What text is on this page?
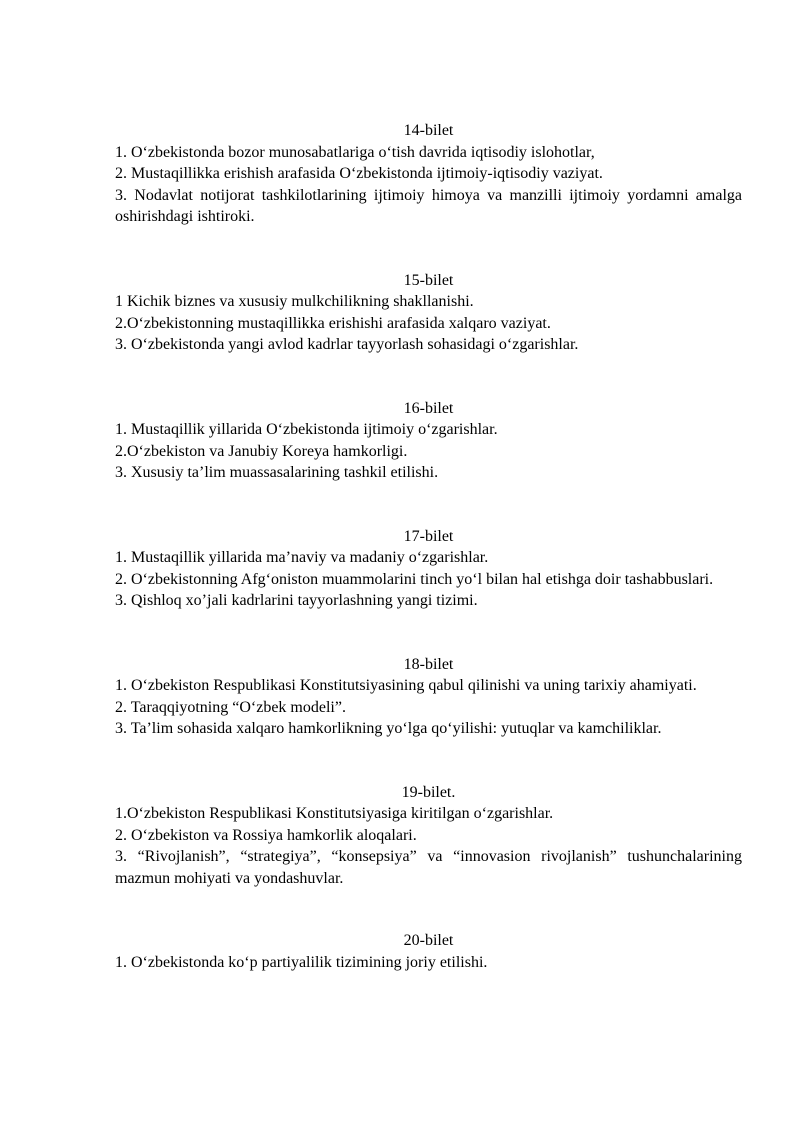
14-bilet

1. O‘zbekistonda bozor munosabatlariga o‘tish davrida iqtisodiy islohotlar,

2. Mustaqillikka erishish arafasida O‘zbekistonda ijtimoiy-iqtisodiy vaziyat.

3. Nodavlat notijorat tashkilotlarining ijtimoiy himoya va manzilli ijtimoiy yordamni amalga oshirishdagi ishtiroki.

15-bilet

1 Kichik biznes va xususiy mulkchilikning shakllanishi.

2.O‘zbekistonning mustaqillikka erishishi arafasida xalqaro vaziyat.

3. O‘zbekistonda yangi avlod kadrlar tayyorlash sohasidagi o‘zgarishlar.

16-bilet

1. Mustaqillik yillarida O‘zbekistonda ijtimoiy o‘zgarishlar.

2.O‘zbekiston va Janubiy Koreya hamkorligi.

3. Xususiy ta’lim muassasalarining tashkil etilishi.

17-bilet

1. Mustaqillik yillarida ma’naviy va madaniy o‘zgarishlar.

2. O‘zbekistonning Afg‘oniston muammolarini tinch yo‘l bilan hal etishga doir tashabbuslari.

3. Qishloq xo’jali kadrlarini tayyorlashning yangi tizimi.

18-bilet

1. O‘zbekiston Respublikasi Konstitutsiyasining qabul qilinishi va uning tarixiy ahamiyati.

2. Taraqqiyotning “O‘zbek modeli”.

3. Ta’lim sohasida xalqaro hamkorlikning yo‘lga qo‘yilishi: yutuqlar va kamchiliklar.

19-bilet.

1.O‘zbekiston Respublikasi Konstitutsiyasiga kiritilgan o‘zgarishlar.

2. O‘zbekiston va Rossiya hamkorlik aloqalari.

3. “Rivojlanish”, “strategiya”, “konsepsiya” va “innovasion rivojlanish” tushunchalarining mazmun mohiyati va yondashuvlar.

20-bilet

1. O‘zbekistonda ko‘p partiyalilik tizimining joriy etilishi.
